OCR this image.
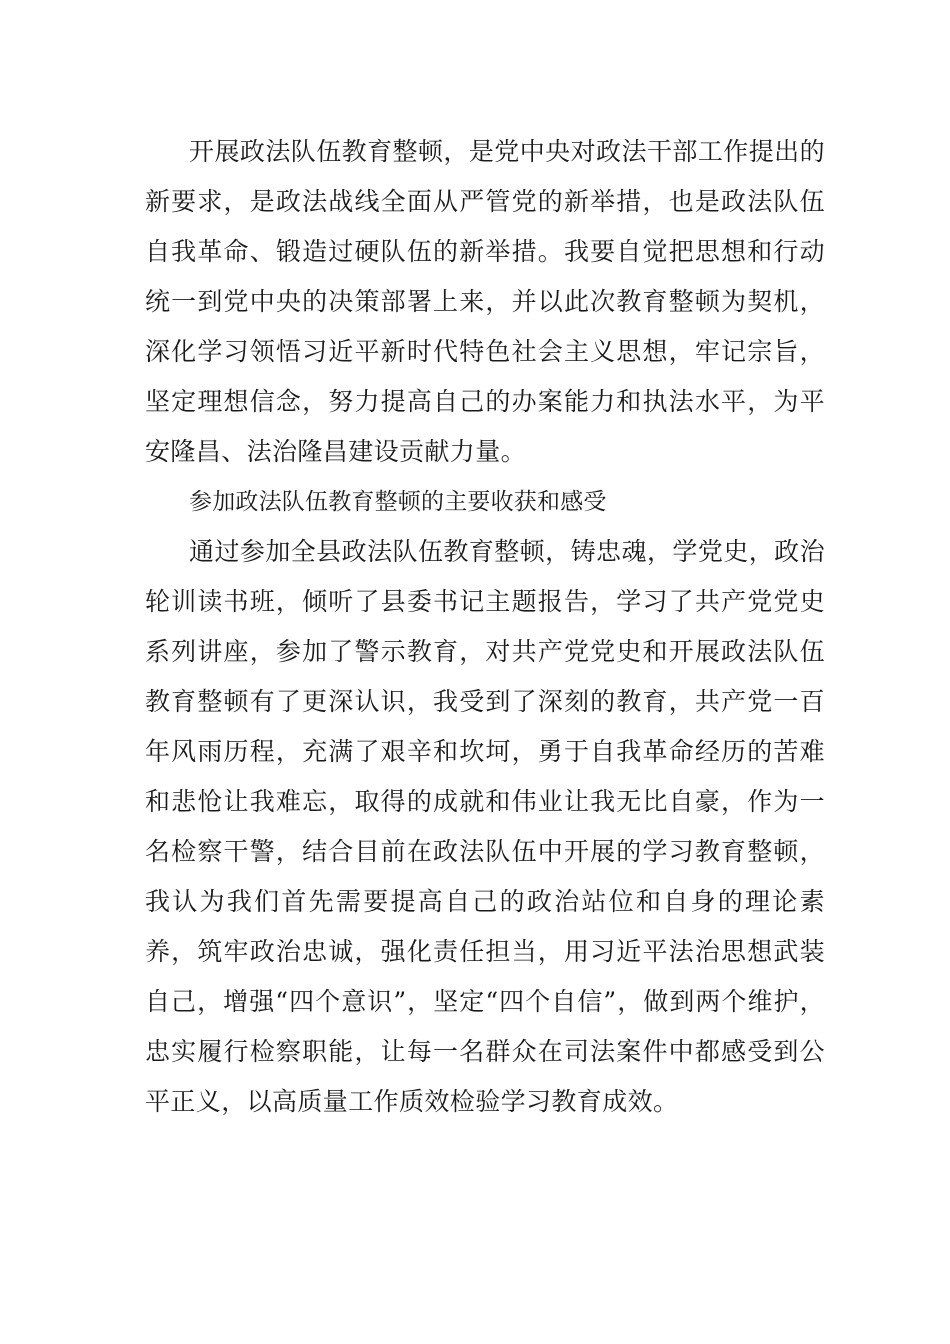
开展政法队伍教育整顿，是党中央对政法干部工作提出的新要求，是政法战线全面从严管党的新举措，也是政法队伍自我革命、锻造过硬队伍的新举措。我要自觉把思想和行动统一到党中央的决策部署上来，并以此次教育整顿为契机，深化学习领悟习近平新时代特色社会主义思想，牢记宗旨，坚定理想信念，努力提高自己的办案能力和执法水平，为平安隆昌、法治隆昌建设贡献力量。

参加政法队伍教育整顿的主要收获和感受

通过参加全县政法队伍教育整顿，铸忠魂，学党史，政治轮训读书班，倾听了县委书记主题报告，学习了共产党党史系列讲座，参加了警示教育，对共产党党史和开展政法队伍教育整顿有了更深认识，我受到了深刻的教育，共产党一百年风雨历程，充满了艰辛和坎坷，勇于自我革命经历的苦难和悲怆让我难忘，取得的成就和伟业让我无比自豪，作为一名检察干警，结合目前在政法队伍中开展的学习教育整顿，我认为我们首先需要提高自己的政治站位和自身的理论素养，筑牢政治忠诚，强化责任担当，用习近平法治思想武装自己，增强“四个意识”，坚定“四个自信”，做到两个维护，忠实履行检察职能，让每一名群众在司法案件中都感受到公平正义，以高质量工作质效检验学习教育成效。
